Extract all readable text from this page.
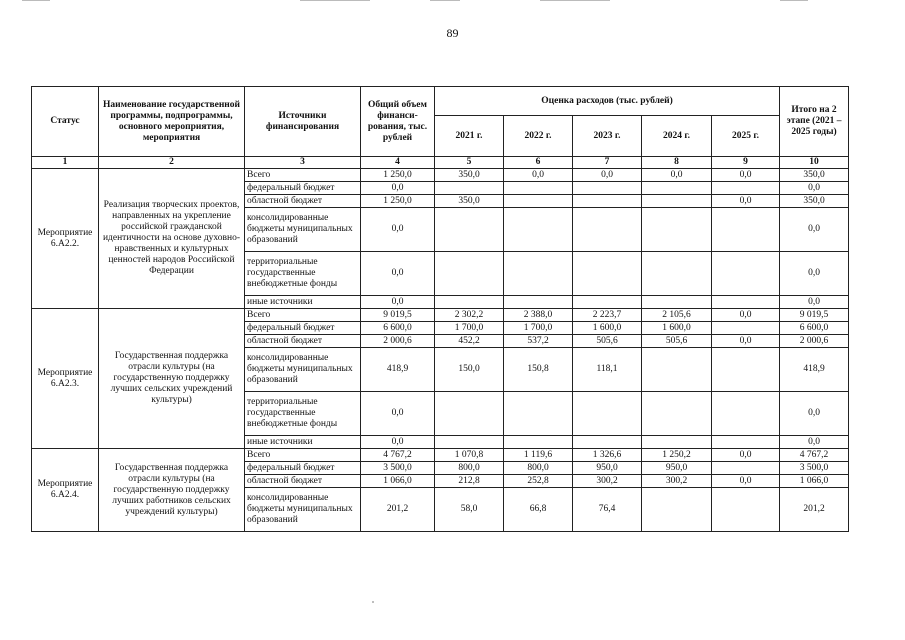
89
Статус	Наименование государственной программы, подпрограммы, основного мероприятия, мероприятия	Источники финансирования	Общий объем финанси-рования, тыс. рублей	Оценка расходов (тыс. рублей)					Итого на 2 этапе (2021 – 2025 годы)
				2021 г.	2022 г.	2023 г.	2024 г.	2025 г.	
1	2	3	4	5	6	7	8	9	10
Мероприятие 6.А2.2.	Реализация творческих проектов, направленных на укрепление российской гражданской идентичности на основе духовно-нравственных и культурных ценностей народов Российской Федерации	Всего	1 250,0	350,0	0,0	0,0	0,0	0,0	350,0
		федеральный бюджет	0,0						0,0
		областной бюджет	1 250,0	350,0				0,0	350,0
		консолидированные бюджеты муниципальных образований	0,0						0,0
		территориальные государственные внебюджетные фонды	0,0						0,0
		иные источники	0,0						0,0
Мероприятие 6.А2.3.	Государственная поддержка отрасли культуры (на государственную поддержку лучших сельских учреждений культуры)	Всего	9 019,5	2 302,2	2 388,0	2 223,7	2 105,6	0,0	9 019,5
		федеральный бюджет	6 600,0	1 700,0	1 700,0	1 600,0	1 600,0		6 600,0
		областной бюджет	2 000,6	452,2	537,2	505,6	505,6	0,0	2 000,6
		консолидированные бюджеты муниципальных образований	418,9	150,0	150,8	118,1			418,9
		территориальные государственные внебюджетные фонды	0,0						0,0
		иные источники	0,0						0,0
Мероприятие 6.А2.4.	Государственная поддержка отрасли культуры (на государственную поддержку лучших работников сельских учреждений культуры)	Всего	4 767,2	1 070,8	1 119,6	1 326,6	1 250,2	0,0	4 767,2
		федеральный бюджет	3 500,0	800,0	800,0	950,0	950,0		3 500,0
		областной бюджет	1 066,0	212,8	252,8	300,2	300,2	0,0	1 066,0
		консолидированные бюджеты муниципальных образований	201,2	58,0	66,8	76,4			201,2
